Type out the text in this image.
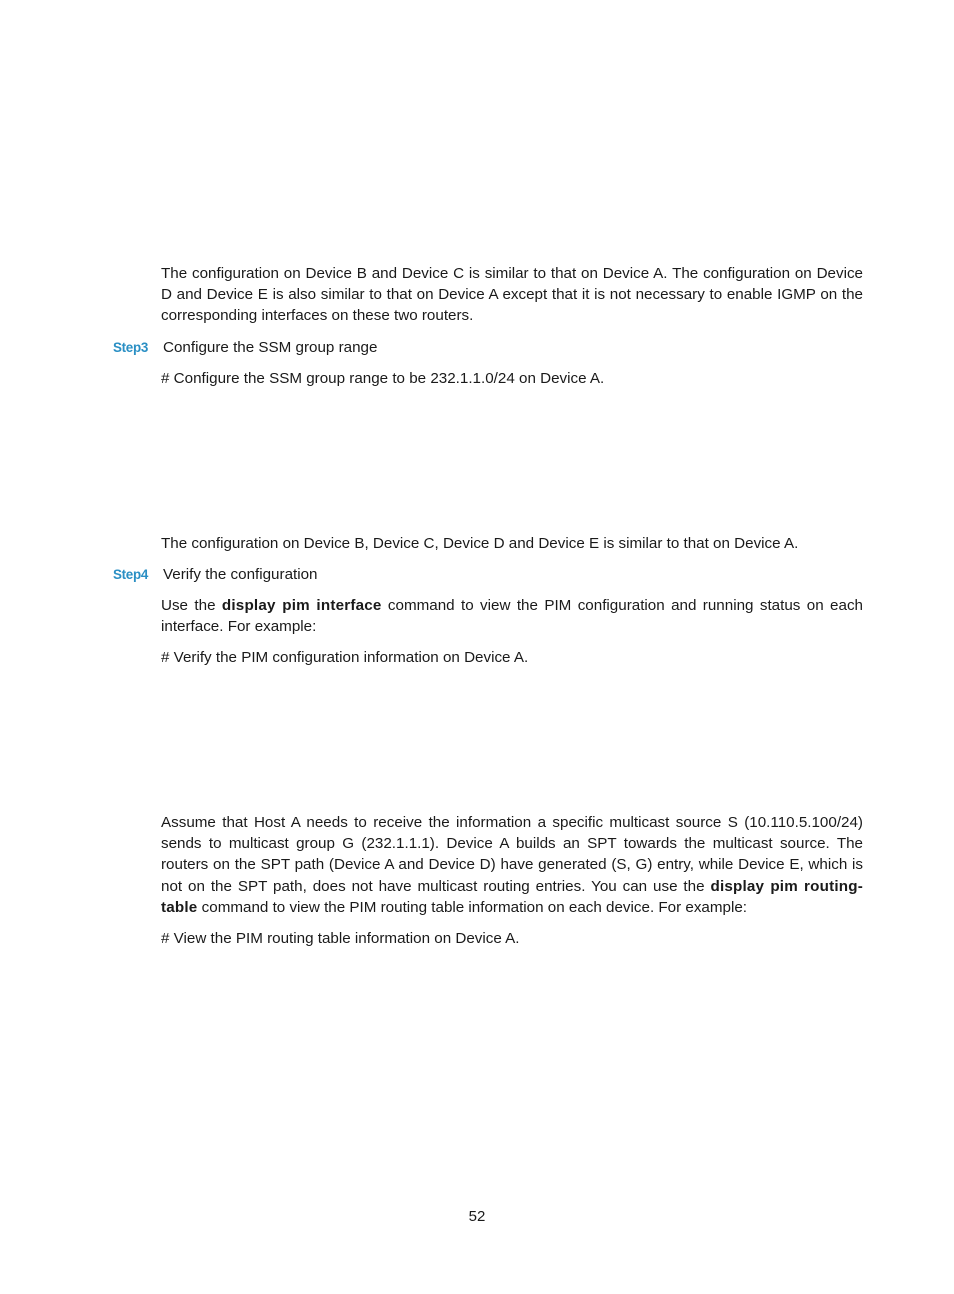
The configuration on Device B and Device C is similar to that on Device A. The configuration on Device D and Device E is also similar to that on Device A except that it is not necessary to enable IGMP on the corresponding interfaces on these two routers.

Step3 Configure the SSM group range

# Configure the SSM group range to be 232.1.1.0/24 on Device A.

The configuration on Device B, Device C, Device D and Device E is similar to that on Device A.

Step4 Verify the configuration

Use the display pim interface command to view the PIM configuration and running status on each interface. For example:

# Verify the PIM configuration information on Device A.

Assume that Host A needs to receive the information a specific multicast source S (10.110.5.100/24) sends to multicast group G (232.1.1.1). Device A builds an SPT towards the multicast source. The routers on the SPT path (Device A and Device D) have generated (S, G) entry, while Device E, which is not on the SPT path, does not have multicast routing entries. You can use the display pim routing-table command to view the PIM routing table information on each device. For example:

# View the PIM routing table information on Device A.

52
